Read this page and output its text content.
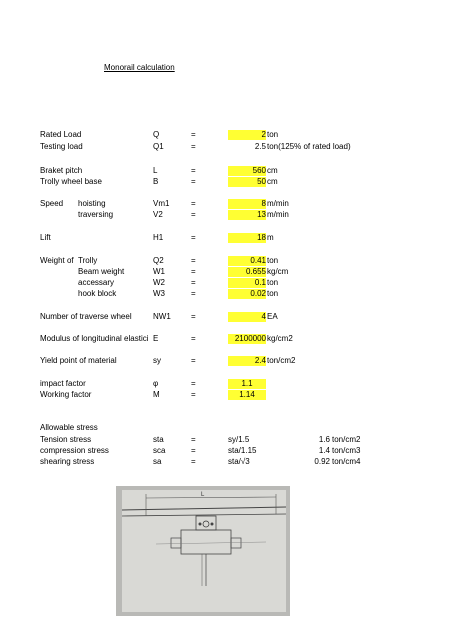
Monorail calculation
Rated Load	Q	=	2 ton
Testing load	Q1	=	2.5 ton(125% of rated load)
Braket pitch	L	=	560 cm
Trolly wheel base	B	=	50 cm
Speed hoisting	Vm1	=	8 m/min
traversing	V2	=	13 m/min
Lift	H1	=	18 m
Weight of Trolly	Q2	=	0.41 ton
Beam weight	W1	=	0.655 kg/cm
accessary	W2	=	0.1 ton
hook block	W3	=	0.02 ton
Number of traverse wheel	NW1	=	4 EA
Modulus of longitudinal elastici E	=	2100000 kg/cm2
Yield point of material	sy	=	2.4 ton/cm2
impact factor	φ	=	1.1
Working factor	M	=	1.14
Allowable stress
Tension stress	sta	=	sy/1.5	1.6 ton/cm2
compression stress	sca	=	sta/1.15	1.4 ton/cm3
shearing stress	sa	=	sta/√3	0.92 ton/cm4
L
